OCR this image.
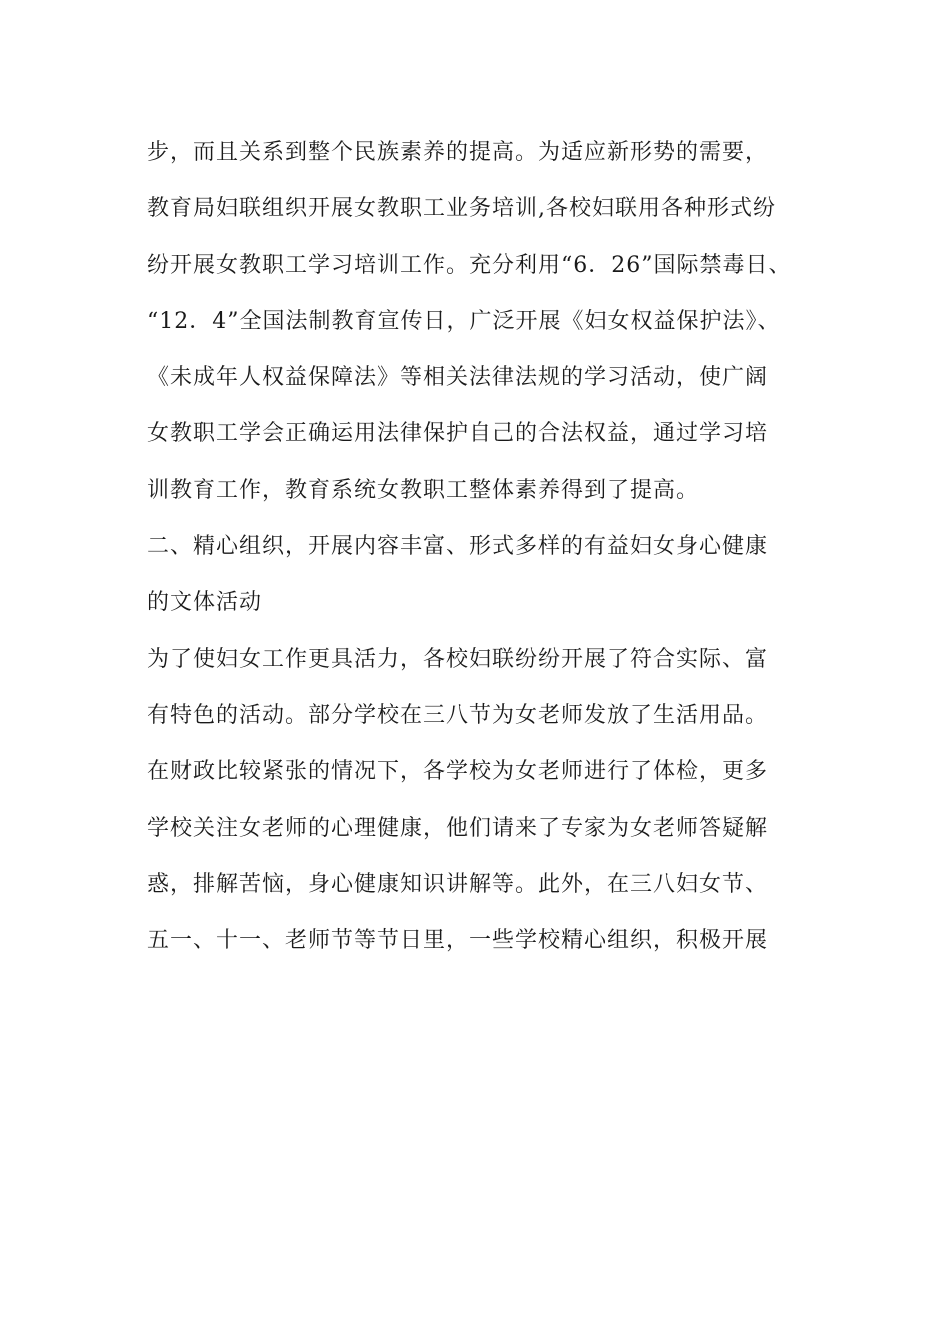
步，而且关系到整个民族素养的提高。为适应新形势的需要，
教育局妇联组织开展女教职工业务培训,各校妇联用各种形式纷
纷开展女教职工学习培训工作。充分利用“6．26”国际禁毒日、
“12．4”全国法制教育宣传日，广泛开展《妇女权益保护法》、
《未成年人权益保障法》等相关法律法规的学习活动，使广阔
女教职工学会正确运用法律保护自己的合法权益，通过学习培
训教育工作，教育系统女教职工整体素养得到了提高。
二、精心组织，开展内容丰富、形式多样的有益妇女身心健康
的文体活动
为了使妇女工作更具活力，各校妇联纷纷开展了符合实际、富
有特色的活动。部分学校在三八节为女老师发放了生活用品。
在财政比较紧张的情况下，各学校为女老师进行了体检，更多
学校关注女老师的心理健康，他们请来了专家为女老师答疑解
惑，排解苦恼，身心健康知识讲解等。此外，在三八妇女节、
五一、十一、老师节等节日里，一些学校精心组织，积极开展
